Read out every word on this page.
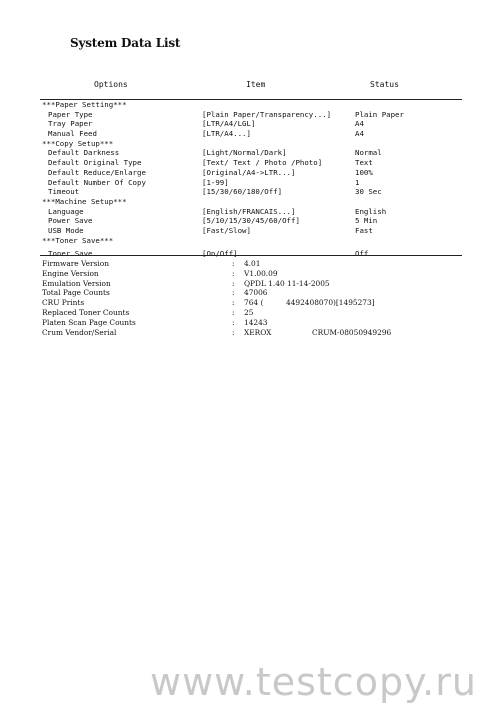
System Data List
Options	Item	Status
***Paper Setting***
Paper Type	[Plain Paper/Transparency...]	Plain Paper
Tray Paper	[LTR/A4/LGL]	A4
Manual Feed	[LTR/A4...]	A4
***Copy Setup***
Default Darkness	[Light/Normal/Dark]	Normal
Default Original Type	[Text/ Text / Photo /Photo]	Text
Default Reduce/Enlarge	[Original/A4->LTR...]	100%
Default Number Of Copy	[1-99]	1
Timeout	[15/30/60/180/Off]	30 Sec
***Machine Setup***
Language	[English/FRANCAIS...]	English
Power Save	[5/10/15/30/45/60/Off]	5 Min
USB Mode	[Fast/Slow]	Fast
***Toner Save***
Toner Save	[On/Off]	Off
Firmware Version	: 4.01
Engine Version	: V1.00.09
Emulation Version	: QPDL 1.40 11-14-2005
Total Page Counts	: 47006
CRU Prints	: 764 (	4492408070)[1495273]
Replaced Toner Counts	: 25
Platen Scan Page Counts	: 14243
Crum Vendor/Serial	: XEROX	CRUM-08050949296
www.testcopy.ru
